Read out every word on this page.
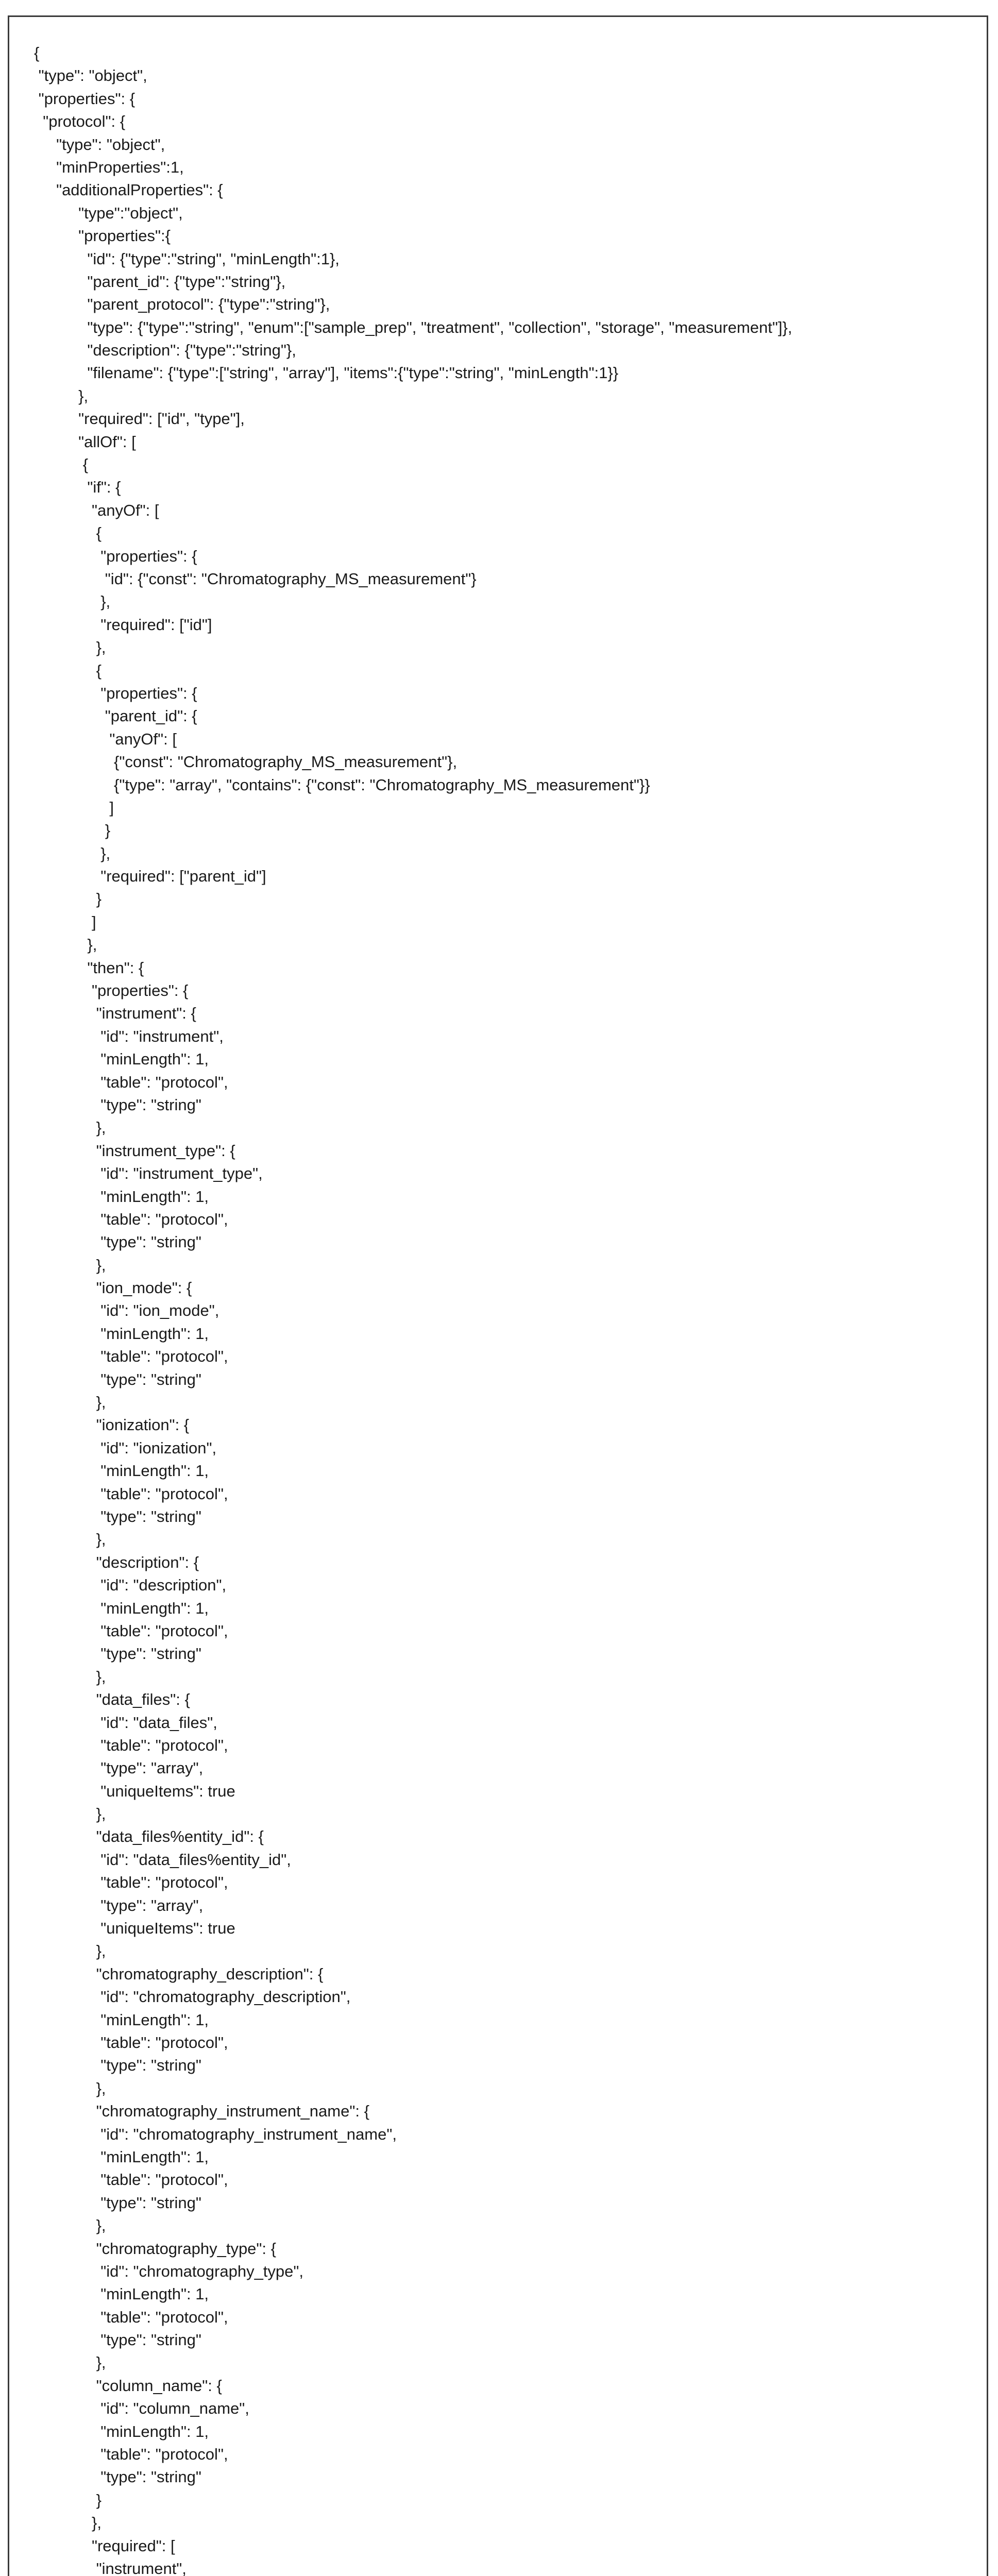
{
"type": "object",
"properties": {
"protocol": {
"type": "object",
"minProperties":1,
"additionalProperties": {
"type":"object",
"properties":{
"id": {"type":"string", "minLength":1},
"parent_id": {"type":"string"},
"parent_protocol": {"type":"string"},
"type": {"type":"string", "enum":["sample_prep", "treatment", "collection", "storage", "measurement"]},
"description": {"type":"string"},
"filename": {"type":["string", "array"], "items":{"type":"string", "minLength":1}}
},
"required": ["id", "type"],
"allOf": [
{
"if": {
"anyOf": [
{
"properties": {
"id": {"const": "Chromatography_MS_measurement"}
},
"required": ["id"]
},
{
"properties": {
"parent_id": {
"anyOf": [
{"const": "Chromatography_MS_measurement"},
{"type": "array", "contains": {"const": "Chromatography_MS_measurement"}}
]
}
},
"required": ["parent_id"]
}
]
},
"then": {
"properties": {
"instrument": {
"id": "instrument",
"minLength": 1,
"table": "protocol",
"type": "string"
},
"instrument_type": {
"id": "instrument_type",
"minLength": 1,
"table": "protocol",
"type": "string"
},
"ion_mode": {
"id": "ion_mode",
"minLength": 1,
"table": "protocol",
"type": "string"
},
"ionization": {
"id": "ionization",
"minLength": 1,
"table": "protocol",
"type": "string"
},
"description": {
"id": "description",
"minLength": 1,
"table": "protocol",
"type": "string"
},
"data_files": {
"id": "data_files",
"table": "protocol",
"type": "array",
"uniqueItems": true
},
"data_files%entity_id": {
"id": "data_files%entity_id",
"table": "protocol",
"type": "array",
"uniqueItems": true
},
"chromatography_description": {
"id": "chromatography_description",
"minLength": 1,
"table": "protocol",
"type": "string"
},
"chromatography_instrument_name": {
"id": "chromatography_instrument_name",
"minLength": 1,
"table": "protocol",
"type": "string"
},
"chromatography_type": {
"id": "chromatography_type",
"minLength": 1,
"table": "protocol",
"type": "string"
},
"column_name": {
"id": "column_name",
"minLength": 1,
"table": "protocol",
"type": "string"
}
},
"required": [
"instrument",
